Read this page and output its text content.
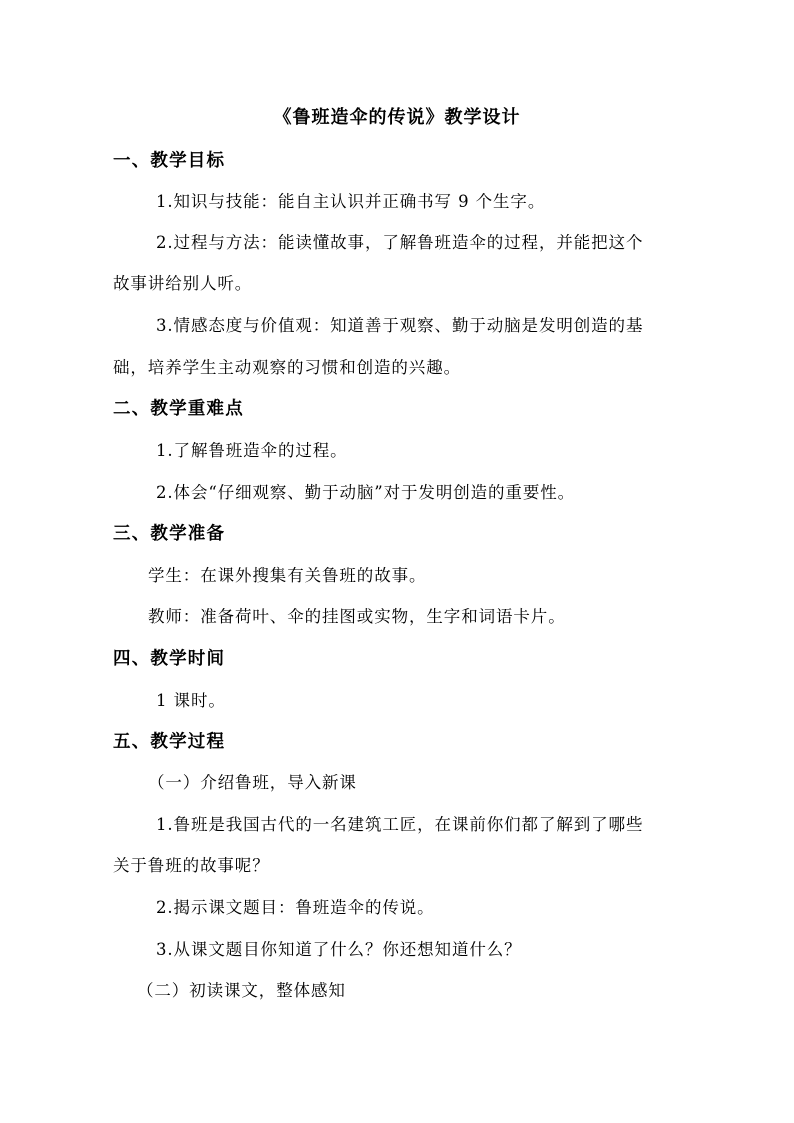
《鲁班造伞的传说》教学设计
一、教学目标
1.知识与技能：能自主认识并正确书写 9 个生字。
2.过程与方法：能读懂故事，了解鲁班造伞的过程，并能把这个
故事讲给别人听。
3.情感态度与价值观：知道善于观察、勤于动脑是发明创造的基
础，培养学生主动观察的习惯和创造的兴趣。
二、教学重难点
1.了解鲁班造伞的过程。
2.体会“仔细观察、勤于动脑”对于发明创造的重要性。
三、教学准备
学生：在课外搜集有关鲁班的故事。
教师：准备荷叶、伞的挂图或实物，生字和词语卡片。
四、教学时间
1 课时。
五、教学过程
（一）介绍鲁班，导入新课
1.鲁班是我国古代的一名建筑工匠，在课前你们都了解到了哪些
关于鲁班的故事呢？
2.揭示课文题目：鲁班造伞的传说。
3.从课文题目你知道了什么？你还想知道什么？
（二）初读课文，整体感知
